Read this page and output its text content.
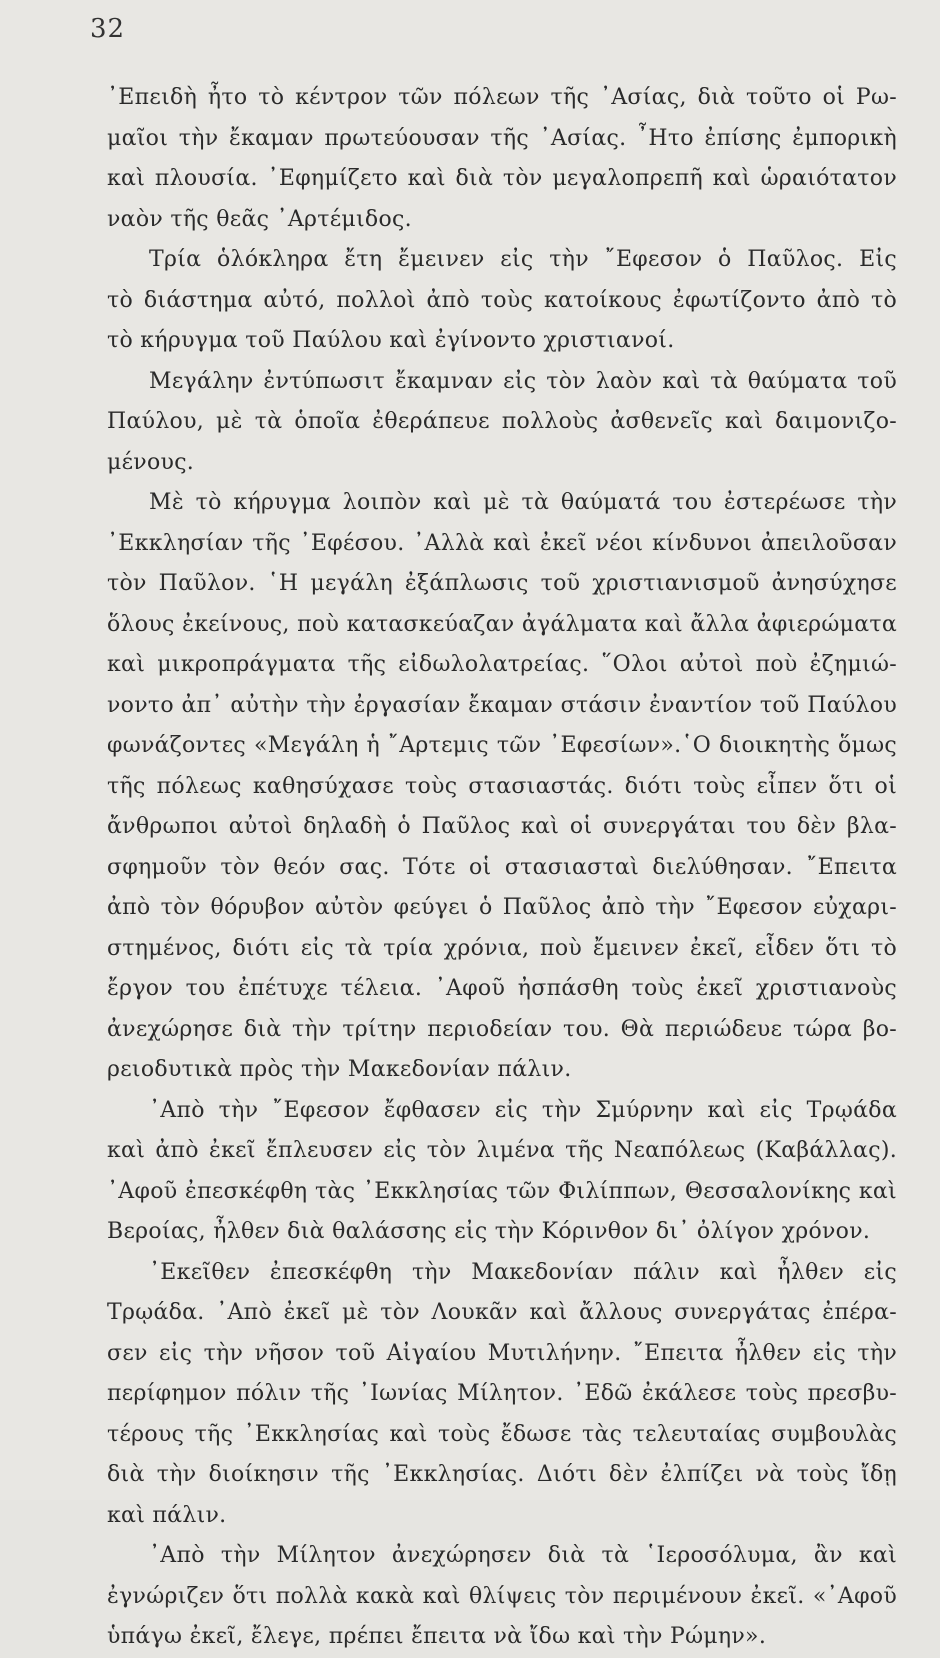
32
᾿Επειδὴ ἦτο τὸ κέντρον τῶν πόλεων τῆς ᾿Ασίας, διὰ τοῦτο οἱ Ρω-
μαῖοι τὴν ἔκαμαν πρωτεύουσαν τῆς ᾿Ασίας. ῏Ητο ἐπίσης ἐμπορικὴ
καὶ πλουσία. ᾿Εφημίζετο καὶ διὰ τὸν μεγαλοπρεπῆ καὶ ὡραιότατον
ναὸν τῆς θεᾶς ᾿Αρτέμιδος.
Τρία ὁλόκληρα ἔτη ἔμεινεν εἰς τὴν ῎Εφεσον ὁ Παῦλος. Εἰς
τὸ διάστημα αὐτό, πολλοὶ ἀπὸ τοὺς κατοίκους ἐφωτίζοντο ἀπὸ τὸ
τὸ κήρυγμα τοῦ Παύλου καὶ ἐγίνοντο χριστιανοί.
Μεγάλην ἐντύπωσιτ ἔκαμναν εἰς τὸν λαὸν καὶ τὰ θαύματα τοῦ
Παύλου, μὲ τὰ ὁποῖα ἐθεράπευε πολλοὺς ἀσθενεῖς καὶ δαιμονιζο-
μένους.
Μὲ τὸ κήρυγμα λοιπὸν καὶ μὲ τὰ θαύματά του ἐστερέωσε τὴν
᾿Εκκλησίαν τῆς ᾿Εφέσου. ᾿Αλλὰ καὶ ἐκεῖ νέοι κίνδυνοι ἀπειλοῦσαν
τὸν Παῦλον. ῾Η μεγάλη ἐξάπλωσις τοῦ χριστιανισμοῦ ἀνησύχησε
ὅλους ἐκείνους, ποὺ κατασκεύαζαν ἀγάλματα καὶ ἄλλα ἀφιερώματα
καὶ μικροπράγματα τῆς εἰδωλολατρείας. ῞Ολοι αὐτοὶ ποὺ ἐζημιώ-
νοντο ἀπ᾿ αὐτὴν τὴν ἐργασίαν ἔκαμαν στάσιν ἐναντίον τοῦ Παύλου
φωνάζοντες «Μεγάλη ἡ ῎Αρτεμις τῶν ᾿Εφεσίων».῾Ο διοικητὴς ὅμως
τῆς πόλεως καθησύχασε τοὺς στασιαστάς. διότι τοὺς εἶπεν ὅτι οἱ
ἄνθρωποι αὐτοὶ δηλαδὴ ὁ Παῦλος καὶ οἱ συνεργάται του δὲν βλα-
σφημοῦν τὸν θεόν σας. Τότε οἱ στασιασταὶ διελύθησαν. ῎Επειτα
ἀπὸ τὸν θόρυβον αὐτὸν φεύγει ὁ Παῦλος ἀπὸ τὴν ῎Εφεσον εὐχαρι-
στημένος, διότι εἰς τὰ τρία χρόνια, ποὺ ἔμεινεν ἐκεῖ, εἶδεν ὅτι τὸ
ἔργον του ἐπέτυχε τέλεια. ᾿Αφοῦ ἠσπάσθη τοὺς ἐκεῖ χριστιανοὺς
ἀνεχώρησε διὰ τὴν τρίτην περιοδείαν του. Θὰ περιώδευε τώρα βο-
ρειοδυτικὰ πρὸς τὴν Μακεδονίαν πάλιν.
᾿Απὸ τὴν ῎Εφεσον ἔφθασεν εἰς τὴν Σμύρνην καὶ εἰς Τρῳάδα
καὶ ἀπὸ ἐκεῖ ἔπλευσεν εἰς τὸν λιμένα τῆς Νεαπόλεως (Καβάλλας).
᾿Αφοῦ ἐπεσκέφθη τὰς ᾿Εκκλησίας τῶν Φιλίππων, Θεσσαλονίκης καὶ
Βεροίας, ἦλθεν διὰ θαλάσσης εἰς τὴν Κόρινθον δι᾿ ὀλίγον χρόνον.
᾿Εκεῖθεν ἐπεσκέφθη τὴν Μακεδονίαν πάλιν καὶ ἦλθεν εἰς
Τρῳάδα. ᾿Απὸ ἐκεῖ μὲ τὸν Λουκᾶν καὶ ἄλλους συνεργάτας ἐπέρα-
σεν εἰς τὴν νῆσον τοῦ Αἰγαίου Μυτιλήνην. ῎Επειτα ἦλθεν εἰς τὴν
περίφημον πόλιν τῆς ᾿Ιωνίας Μίλητον. ᾿Εδῶ ἐκάλεσε τοὺς πρεσβυ-
τέρους τῆς ᾿Εκκλησίας καὶ τοὺς ἔδωσε τὰς τελευταίας συμβουλὰς
διὰ τὴν διοίκησιν τῆς ᾿Εκκλησίας. Διότι δὲν ἐλπίζει νὰ τοὺς ἴδῃ
καὶ πάλιν.
᾿Απὸ τὴν Μίλητον ἀνεχώρησεν διὰ τὰ ῾Ιεροσόλυμα, ἂν καὶ
ἐγνώριζεν ὅτι πολλὰ κακὰ καὶ θλίψεις τὸν περιμένουν ἐκεῖ. «᾿Αφοῦ
ὑπάγω ἐκεῖ, ἔλεγε, πρέπει ἔπειτα νὰ ἴδω καὶ τὴν Ρώμην».
